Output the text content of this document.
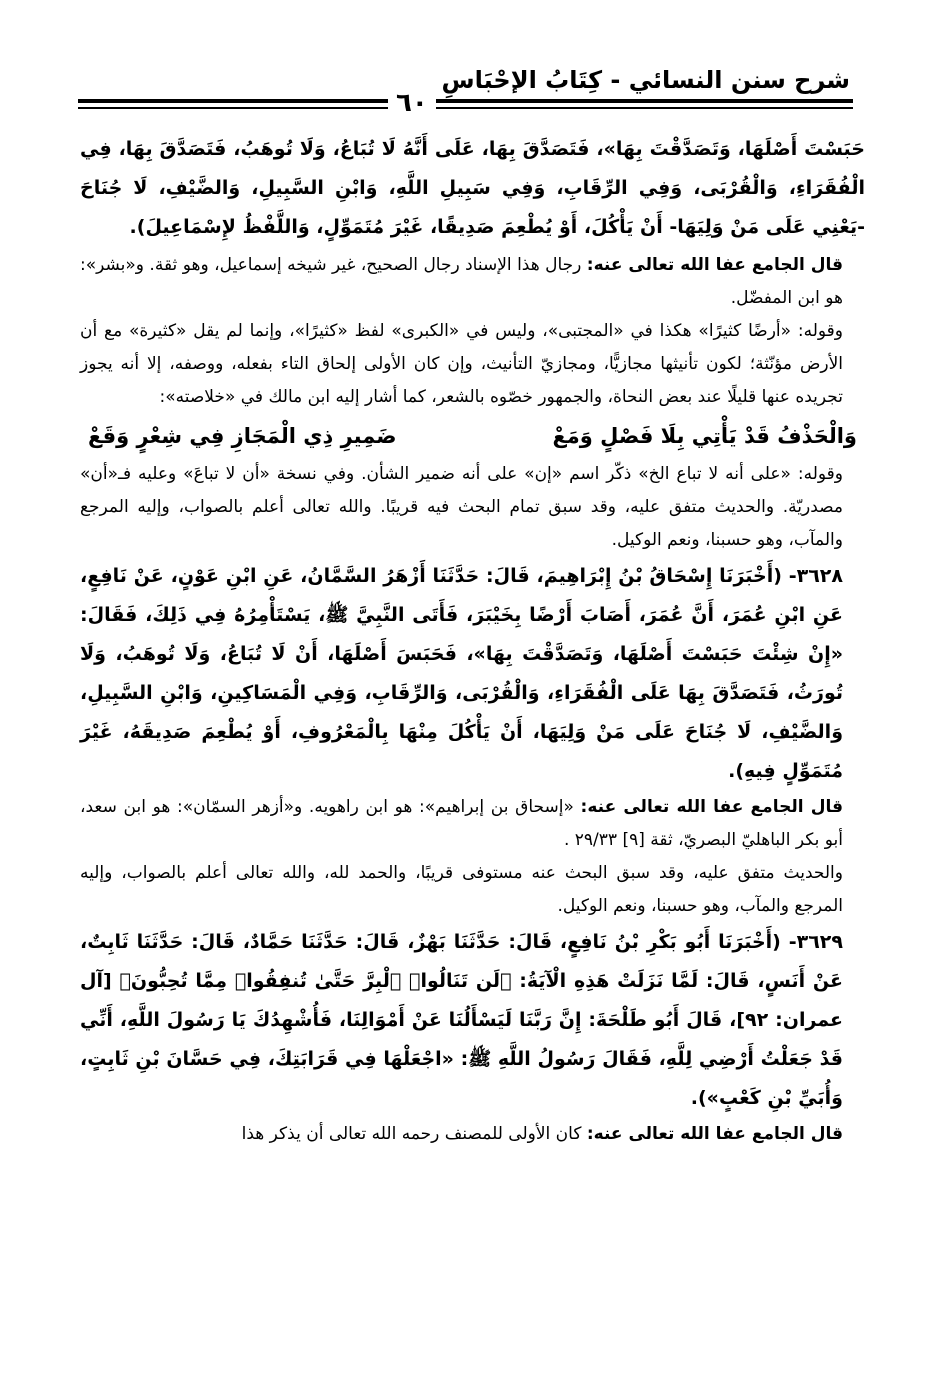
شرح سنن النسائي - كِتَابُ الإحْبَاسِ
٦٠

حَبَسْتَ أَصْلَهَا، وَتَصَدَّقْتَ بِهَا»، فَتَصَدَّقَ بِهَا، عَلَى أَنَّهُ لَا تُبَاعُ، وَلَا تُوهَبُ، فَتَصَدَّقَ بِهَا، فِي الْفُقَرَاءِ، وَالْقُرْبَى، وَفِي الرِّقَابِ، وَفِي سَبِيلِ اللَّهِ، وَابْنِ السَّبِيلِ، وَالضَّيْفِ، لَا جُنَاحَ -يَعْنِي عَلَى مَنْ وَلِيَهَا- أَنْ يَأْكُلَ، أَوْ يُطْعِمَ صَدِيقًا، غَيْرَ مُتَمَوِّلٍ، وَاللَّفْظُ لإِسْمَاعِيلَ).

قال الجامع عفا الله تعالى عنه: رجال هذا الإسناد رجال الصحيح، غير شيخه إسماعيل، وهو ثقة. و«بشر»: هو ابن المفضّل.

وقوله: «أرضًا كثيرًا» هكذا في «المجتبى»، وليس في «الكبرى» لفظ «كثيرًا»، وإنما لم يقل «كثيرة» مع أن الأرض مؤنّثة؛ لكون تأنيثها مجازيًّا، ومجازيّ التأنيث، وإن كان الأولى إلحاق التاء بفعله، ووصفه، إلا أنه يجوز تجريده عنها قليلًا عند بعض النحاة، والجمهور خصّوه بالشعر، كما أشار إليه ابن مالك في «خلاصته»:

وَالْحَذْفُ قَدْ يَأْتِي بِلَا فَصْلٍ وَمَعْ
ضَمِيرِ ذِي الْمَجَازِ فِي شِعْرٍ وَقَعْ

وقوله: «على أنه لا تباع الخ» ذكّر اسم «إن» على أنه ضمير الشأن. وفي نسخة «أن لا تباعَ» وعليه فـ«أن» مصدريّة. والحديث متفق عليه، وقد سبق تمام البحث فيه قريبًا. والله تعالى أعلم بالصواب، وإليه المرجع والمآب، وهو حسبنا، ونعم الوكيل.

٣٦٢٨- (أَخْبَرَنَا إِسْحَاقُ بْنُ إِبْرَاهِيمَ، قَالَ: حَدَّثَنَا أَزْهَرُ السَّمَّانُ، عَنِ ابْنِ عَوْنٍ، عَنْ نَافِعٍ، عَنِ ابْنِ عُمَرَ، أَنَّ عُمَرَ، أَصَابَ أَرْضًا بِخَيْبَرَ، فَأَتَى النَّبِيَّ ﷺ، يَسْتَأْمِرُهُ فِي ذَلِكَ، فَقَالَ: «إِنْ شِئْتَ حَبَسْتَ أَصْلَهَا، وَتَصَدَّقْتَ بِهَا»، فَحَبَسَ أَصْلَهَا، أَنْ لَا تُبَاعُ، وَلَا تُوهَبُ، وَلَا تُورَثُ، فَتَصَدَّقَ بِهَا عَلَى الْفُقَرَاءِ، وَالْقُرْبَى، وَالرِّقَابِ، وَفِي الْمَسَاكِينِ، وَابْنِ السَّبِيلِ، وَالضَّيْفِ، لَا جُنَاحَ عَلَى مَنْ وَلِيَهَا، أَنْ يَأْكُلَ مِنْهَا بِالْمَعْرُوفِ، أَوْ يُطْعِمَ صَدِيقَهُ، غَيْرَ مُتَمَوِّلٍ فِيهِ).

قال الجامع عفا الله تعالى عنه: «إسحاق بن إبراهيم»: هو ابن راهويه. و«أزهر السمّان»: هو ابن سعد، أبو بكر الباهليّ البصريّ، ثقة [٩] ٢٩/٣٣ .

والحديث متفق عليه، وقد سبق البحث عنه مستوفى قريبًا، والحمد لله، والله تعالى أعلم بالصواب، وإليه المرجع والمآب، وهو حسبنا، ونعم الوكيل.

٣٦٢٩- (أَخْبَرَنَا أَبُو بَكْرِ بْنُ نَافِعٍ، قَالَ: حَدَّثَنَا بَهْزٌ، قَالَ: حَدَّثَنَا حَمَّادٌ، قَالَ: حَدَّثَنَا ثَابِتٌ، عَنْ أَنَسٍ، قَالَ: لَمَّا نَزَلَتْ هَذِهِ الْآيَةُ: ﴿لَن تَنَالُوا۟ ٱلْبِرَّ حَتَّىٰ تُنفِقُوا۟ مِمَّا تُحِبُّونَ﴾ [آل عمران: ٩٢]، قَالَ أَبُو طَلْحَةَ: إِنَّ رَبَّنَا لَيَسْأَلُنَا عَنْ أَمْوَالِنَا، فَأُشْهِدُكَ يَا رَسُولَ اللَّهِ، أَنِّي قَدْ جَعَلْتُ أَرْضِي لِلَّهِ، فَقَالَ رَسُولُ اللَّهِ ﷺ: «اجْعَلْهَا فِي قَرَابَتِكَ، فِي حَسَّانَ بْنِ ثَابِتٍ، وَأُبَيِّ بْنِ كَعْبٍ»).

قال الجامع عفا الله تعالى عنه: كان الأولى للمصنف رحمه الله تعالى أن يذكر هذا
